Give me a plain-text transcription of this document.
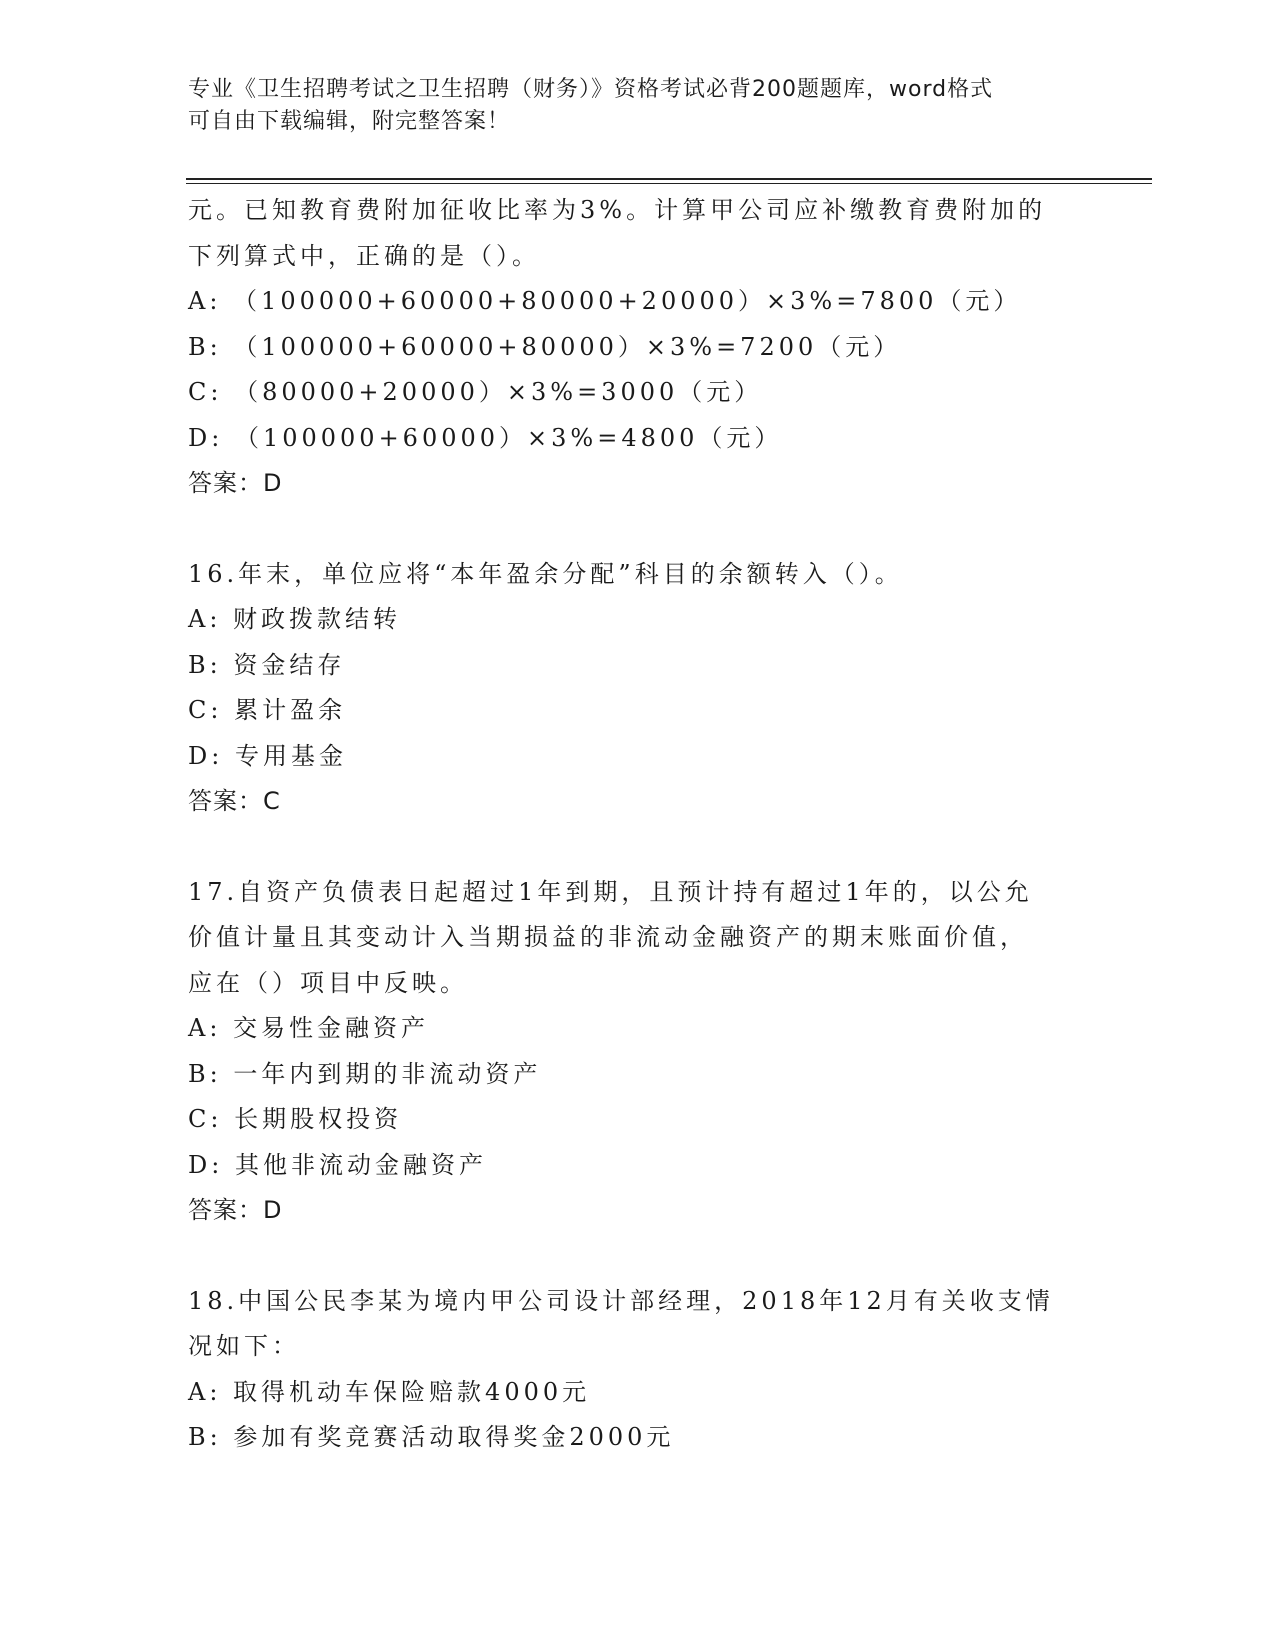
专业《卫生招聘考试之卫生招聘（财务）》资格考试必背200题题库，word格式
可自由下载编辑，附完整答案！
元。已知教育费附加征收比率为3%。计算甲公司应补缴教育费附加的
下列算式中，正确的是（）。
A: （100000+60000+80000+20000）×3%=7800（元）
B: （100000+60000+80000）×3%=7200（元）
C: （80000+20000）×3%=3000（元）
D: （100000+60000）×3%=4800（元）
答案：D
16.年末，单位应将“本年盈余分配”科目的余额转入（）。
A: 财政拨款结转
B: 资金结存
C: 累计盈余
D: 专用基金
答案：C
17.自资产负债表日起超过1年到期，且预计持有超过1年的，以公允
价值计量且其变动计入当期损益的非流动金融资产的期末账面价值，
应在（）项目中反映。
A: 交易性金融资产
B: 一年内到期的非流动资产
C: 长期股权投资
D: 其他非流动金融资产
答案：D
18.中国公民李某为境内甲公司设计部经理，2018年12月有关收支情
况如下：
A: 取得机动车保险赔款4000元
B: 参加有奖竞赛活动取得奖金2000元
